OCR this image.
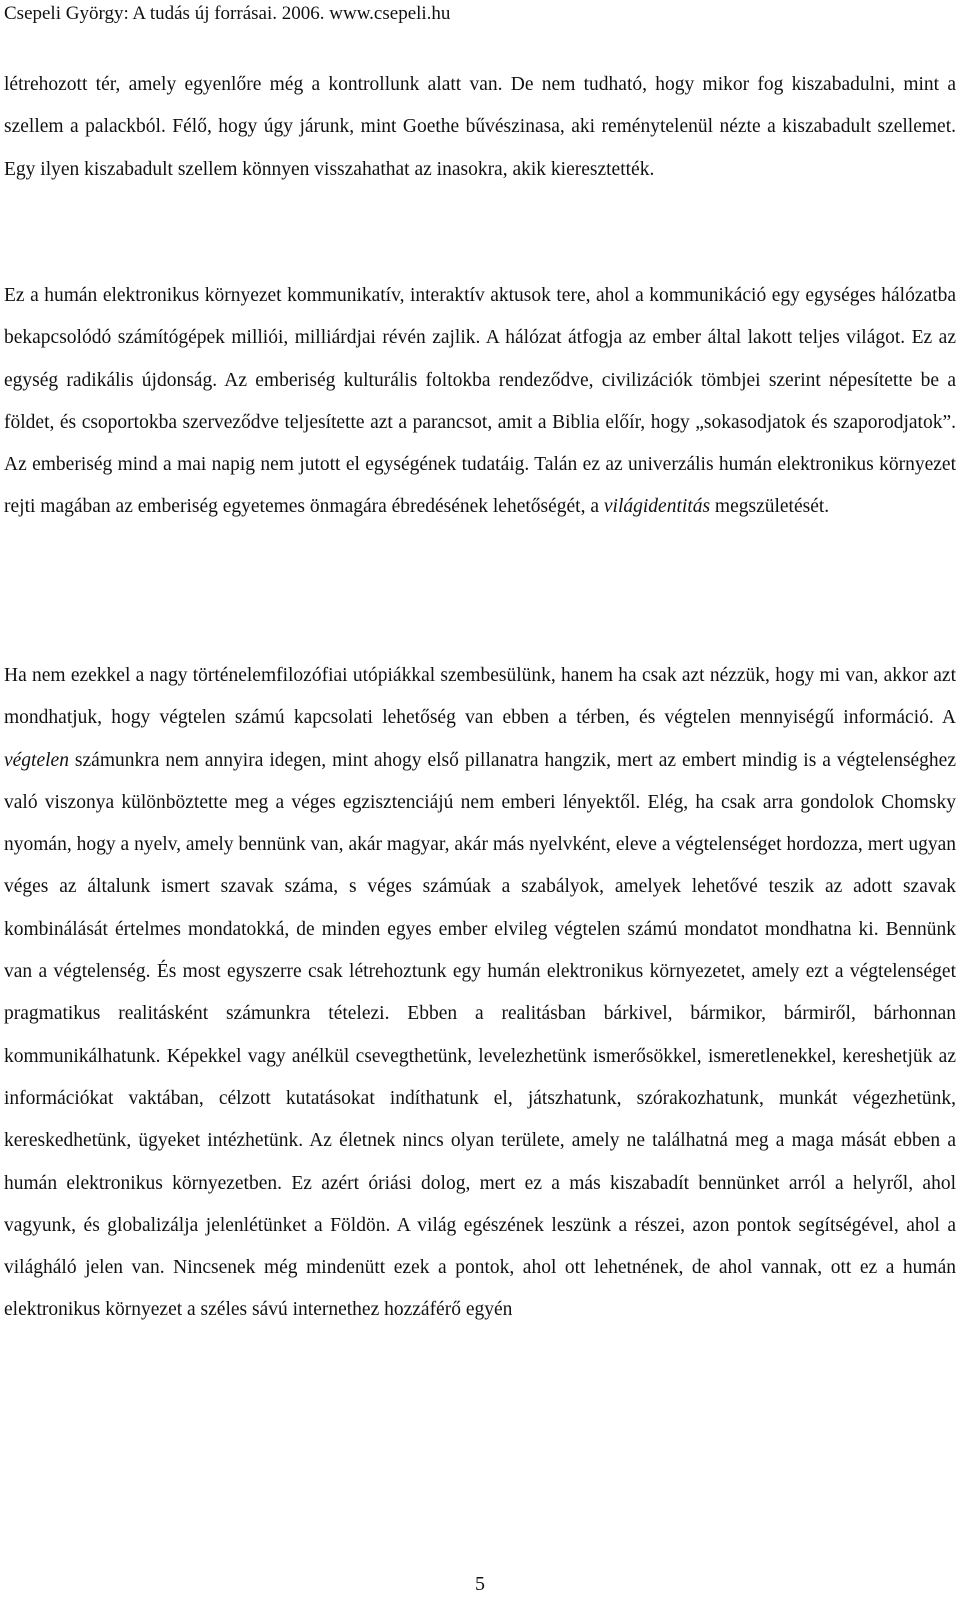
Csepeli György: A tudás új forrásai. 2006. www.csepeli.hu

létrehozott tér, amely egyenlőre még a kontrollunk alatt van. De nem tudható, hogy mikor fog kiszabadulni, mint a szellem a palackból. Félő, hogy úgy járunk, mint Goethe bűvészinasa, aki reménytelenül nézte a kiszabadult szellemet. Egy ilyen kiszabadult szellem könnyen visszahathat az inasokra, akik kieresztették.

Ez a humán elektronikus környezet kommunikatív, interaktív aktusok tere, ahol a kommunikáció egy egységes hálózatba bekapcsolódó számítógépek milliói, milliárdjai révén zajlik. A hálózat átfogja az ember által lakott teljes világot. Ez az egység radikális újdonság. Az emberiség kulturális foltokba rendeződve, civilizációk tömbjei szerint népesítette be a földet, és csoportokba szerveződve teljesítette azt a parancsot, amit a Biblia előír, hogy „sokasodjatok és szaporodjatok”. Az emberiség mind a mai napig nem jutott el egységének tudatáig. Talán ez az univerzális humán elektronikus környezet rejti magában az emberiség egyetemes önmagára ébredésének lehetőségét, a világidentitás megszületését.

Ha nem ezekkel a nagy történelemfilozófiai utópiákkal szembesülünk, hanem ha csak azt nézzük, hogy mi van, akkor azt mondhatjuk, hogy végtelen számú kapcsolati lehetőség van ebben a térben, és végtelen mennyiségű információ. A végtelen számunkra nem annyira idegen, mint ahogy első pillanatra hangzik, mert az embert mindig is a végtelenséghez való viszonya különböztette meg a véges egzisztenciájú nem emberi lényektől. Elég, ha csak arra gondolok Chomsky nyomán, hogy a nyelv, amely bennünk van, akár magyar, akár más nyelvként, eleve a végtelenséget hordozza, mert ugyan véges az általunk ismert szavak száma, s véges számúak a szabályok, amelyek lehetővé teszik az adott szavak kombinálását értelmes mondatokká, de minden egyes ember elvileg végtelen számú mondatot mondhatna ki. Bennünk van a végtelenség. És most egyszerre csak létrehoztunk egy humán elektronikus környezetet, amely ezt a végtelenséget pragmatikus realitásként számunkra tételezi. Ebben a realitásban bárkivel, bármikor, bármiről, bárhonnan kommunikálhatunk. Képekkel vagy anélkül csevegthetünk, levelezhetünk ismerősökkel, ismeretlenekkel, kereshetjük az információkat vaktában, célzott kutatásokat indíthatunk el, játszhatunk, szórakozhatunk, munkát végezhetünk, kereskedhetünk, ügyeket intézhetünk. Az életnek nincs olyan területe, amely ne találhatná meg a maga mását ebben a humán elektronikus környezetben. Ez azért óriási dolog, mert ez a más kiszabadít bennünket arról a helyről, ahol vagyunk, és globalizálja jelenlétünket a Földön. A világ egészének leszünk a részei, azon pontok segítségével, ahol a világháló jelen van. Nincsenek még mindenütt ezek a pontok, ahol ott lehetnének, de ahol vannak, ott ez a humán elektronikus környezet a széles sávú internethez hozzáférő egyén

5
